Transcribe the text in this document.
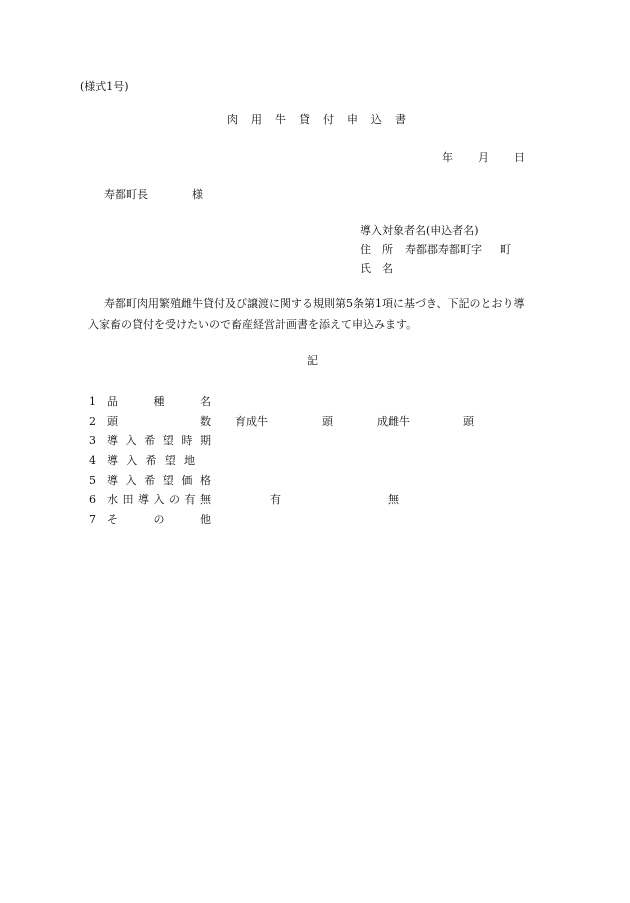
(様式1号)
肉 用 牛 貸 付 申 込 書
年 月 日
寿都町長	様
導入対象者名(申込者名)
住　所 寿都郡寿都町字 町
氏　名
寿都町肉用繁殖雌牛貸付及び譲渡に関する規則第5条第1項に基づき、下記のとおり導
入家畜の貸付を受けたいので畜産経営計画書を添えて申込みます。
記
1	品	種	名
2	頭	数 育成牛	頭	成雌牛	頭
3	導 入 希 望 時 期
4	導 入 希 望 地
5	導 入 希 望 価 格
6	水 田 導 入 の 有 無	有	無
7	そ	の	他
